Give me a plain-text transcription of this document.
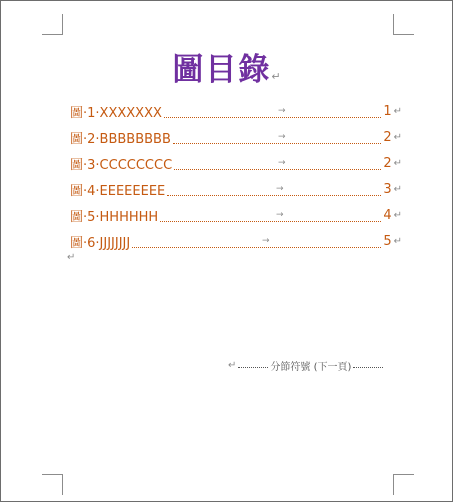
圖目錄↵
圖·1·XXXXXXX	→	1 ↵
圖·2·BBBBBBBB	→	2 ↵
圖·3·CCCCCCCC	→	2 ↵
圖·4·EEEEEEEE	→	3 ↵
圖·5·HHHHHH	→	4 ↵
圖·6·JJJJJJJJ	→	5 ↵
↵
↵	分節符號 (下一頁)
